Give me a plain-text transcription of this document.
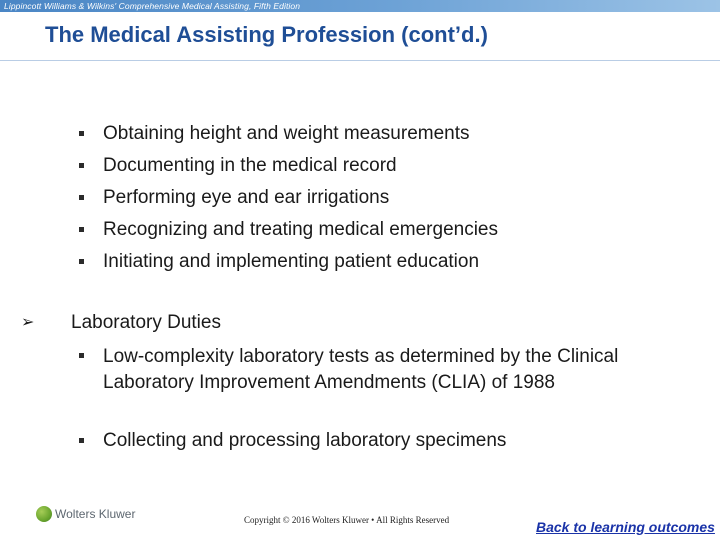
Lippincott Williams & Wilkins' Comprehensive Medical Assisting, Fifth Edition
The Medical Assisting Profession (cont’d.)
Obtaining height and weight measurements
Documenting in the medical record
Performing eye and ear irrigations
Recognizing and treating medical emergencies
Initiating and implementing patient education
➢ Laboratory Duties
Low-complexity laboratory tests as determined by the Clinical Laboratory Improvement Amendments (CLIA) of 1988
Collecting and processing laboratory specimens
Wolters Kluwer	Copyright © 2016 Wolters Kluwer • All Rights Reserved	Back to learning outcomes
